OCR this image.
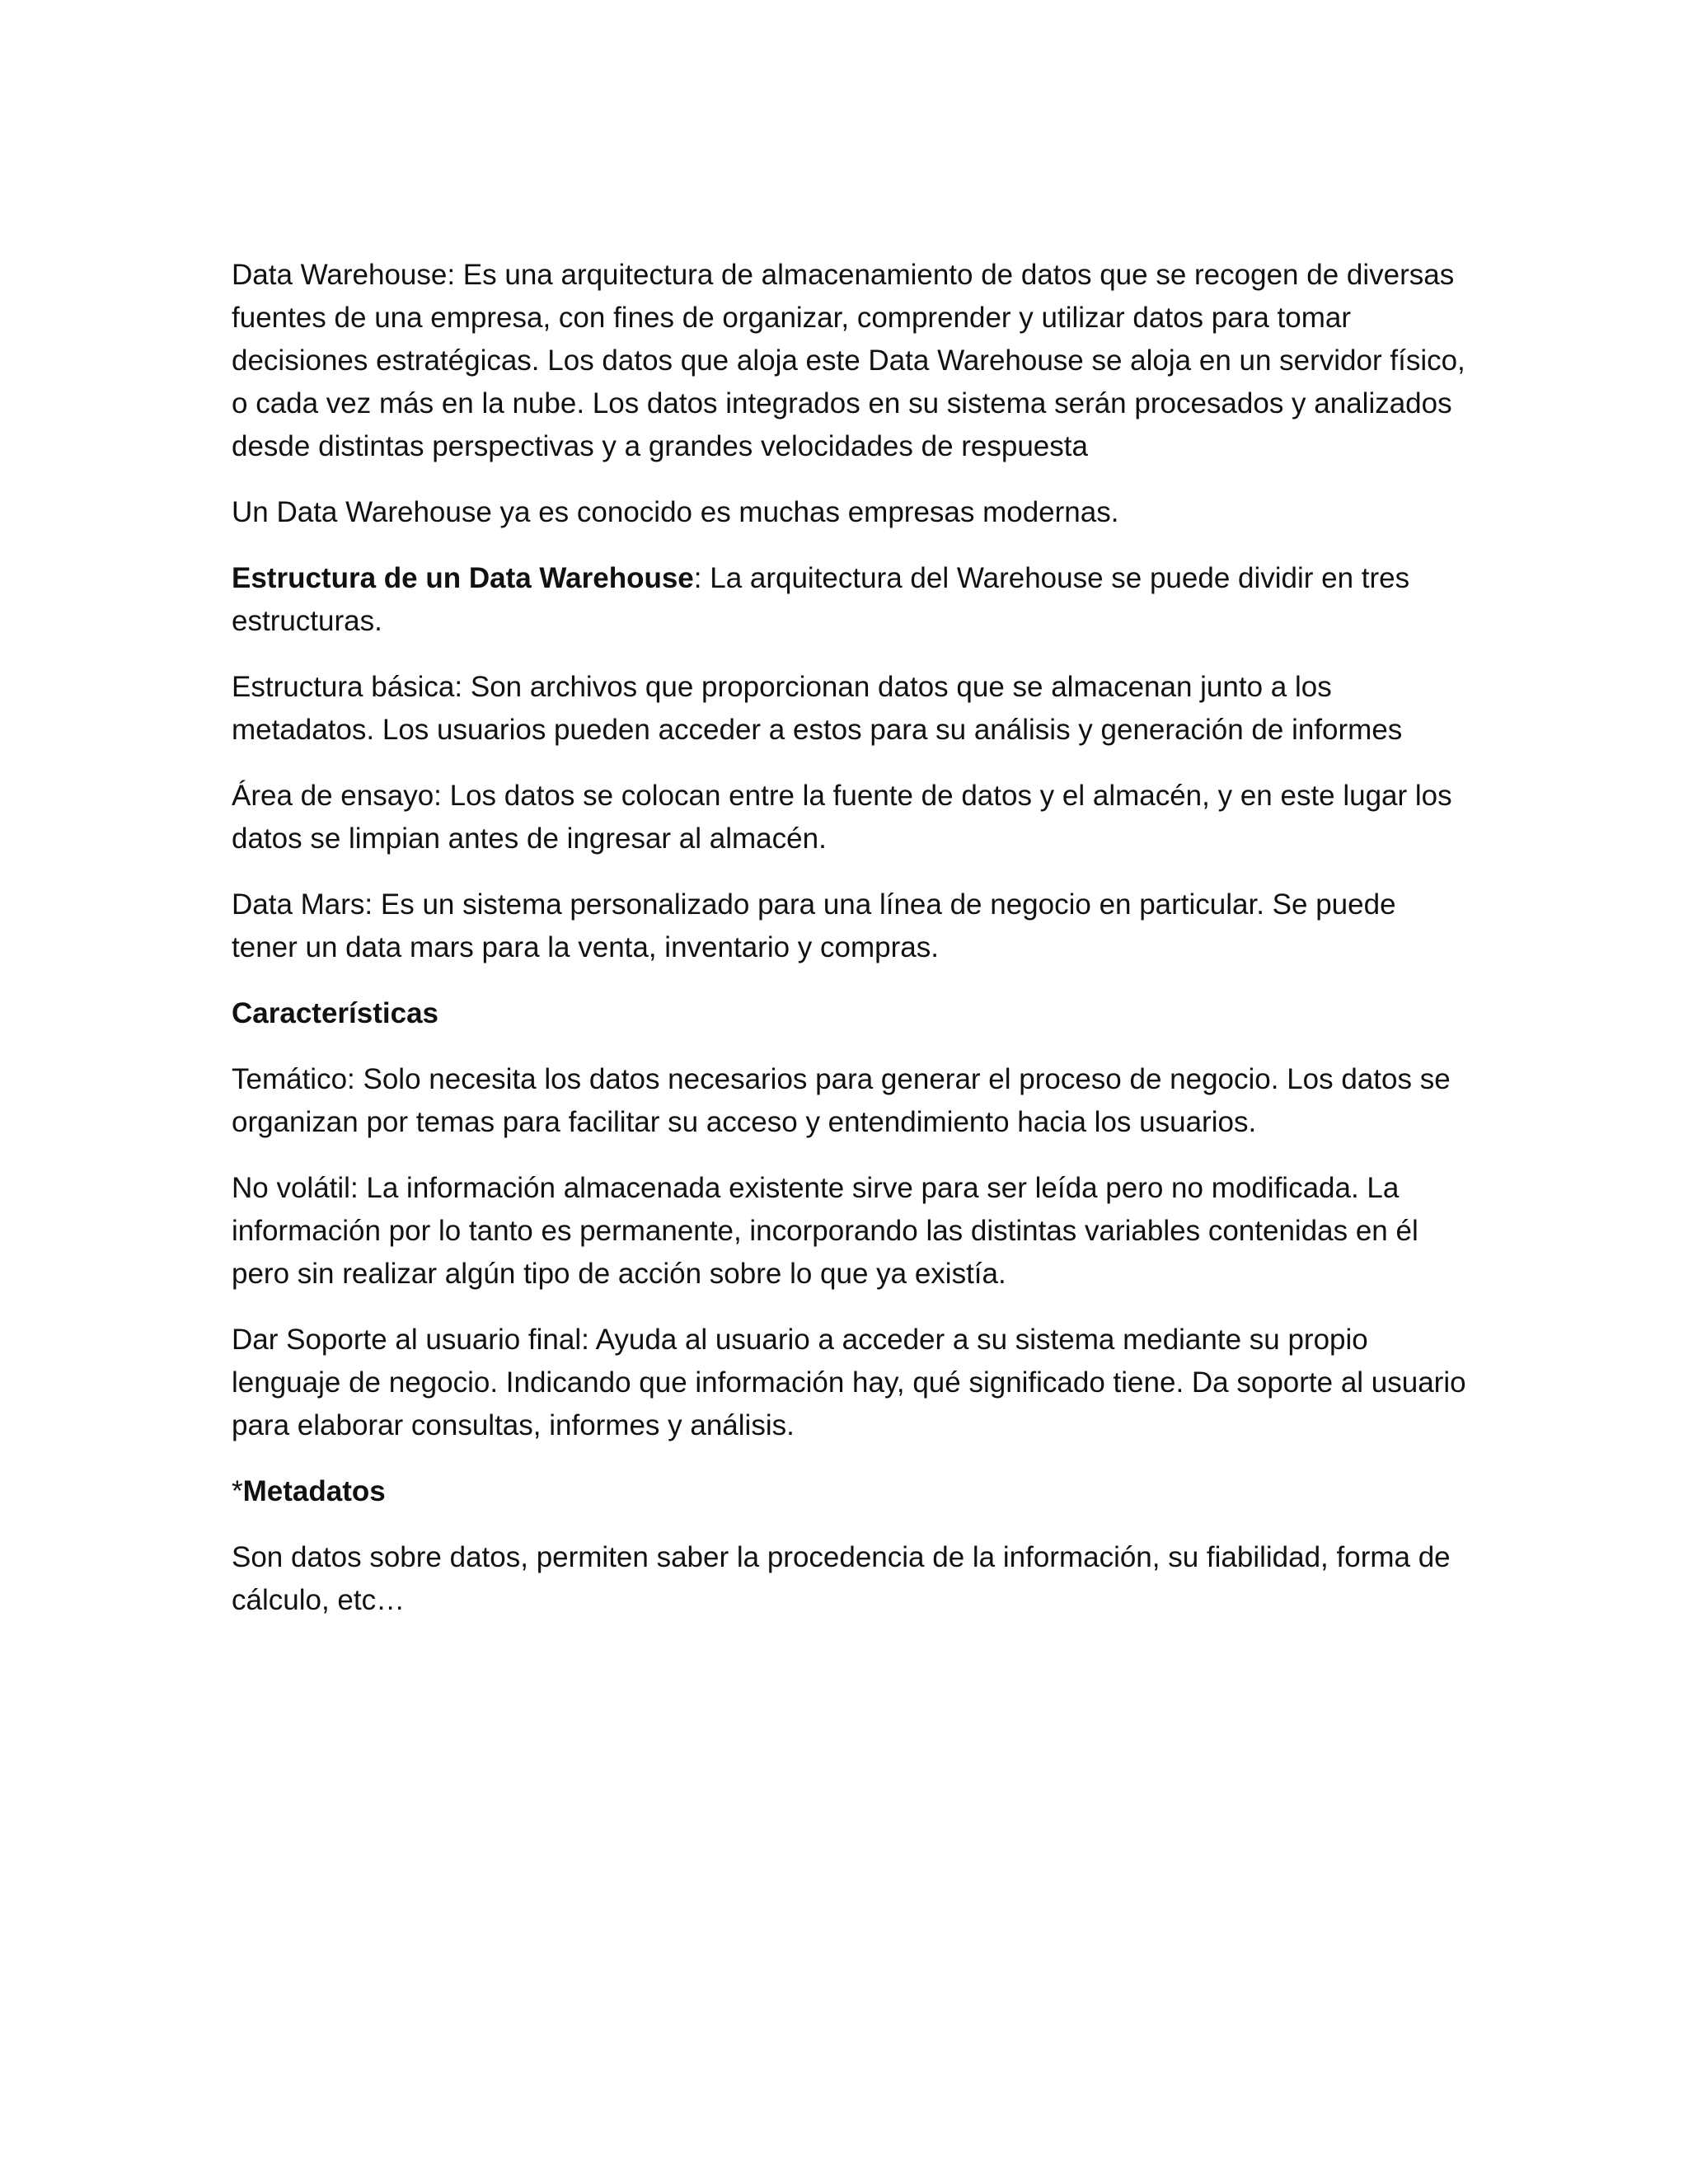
Data Warehouse: Es una arquitectura de almacenamiento de datos que se recogen de diversas fuentes de una empresa, con fines de organizar, comprender y utilizar datos para tomar decisiones estratégicas. Los datos que aloja este Data Warehouse se aloja en un servidor físico, o cada vez más en la nube. Los datos integrados en su sistema serán procesados y analizados desde distintas perspectivas y a grandes velocidades de respuesta

Un Data Warehouse ya es conocido es muchas empresas modernas.

Estructura de un Data Warehouse: La arquitectura del Warehouse se puede dividir en tres estructuras.

Estructura básica: Son archivos que proporcionan datos que se almacenan junto a los metadatos. Los usuarios pueden acceder a estos para su análisis y generación de informes

Área de ensayo: Los datos se colocan entre la fuente de datos y el almacén, y en este lugar los datos se limpian antes de ingresar al almacén.

Data Mars: Es un sistema personalizado para una línea de negocio en particular. Se puede tener un data mars para la venta, inventario y compras.

Características

Temático: Solo necesita los datos necesarios para generar el proceso de negocio. Los datos se organizan por temas para facilitar su acceso y entendimiento hacia los usuarios.

No volátil: La información almacenada existente sirve para ser leída pero no modificada. La información por lo tanto es permanente, incorporando las distintas variables contenidas en él pero sin realizar algún tipo de acción sobre lo que ya existía.

Dar Soporte al usuario final: Ayuda al usuario a acceder a su sistema mediante su propio lenguaje de negocio. Indicando que información hay, qué significado tiene. Da soporte al usuario para elaborar consultas, informes y análisis.

*Metadatos

Son datos sobre datos, permiten saber la procedencia de la información, su fiabilidad, forma de cálculo, etc…
